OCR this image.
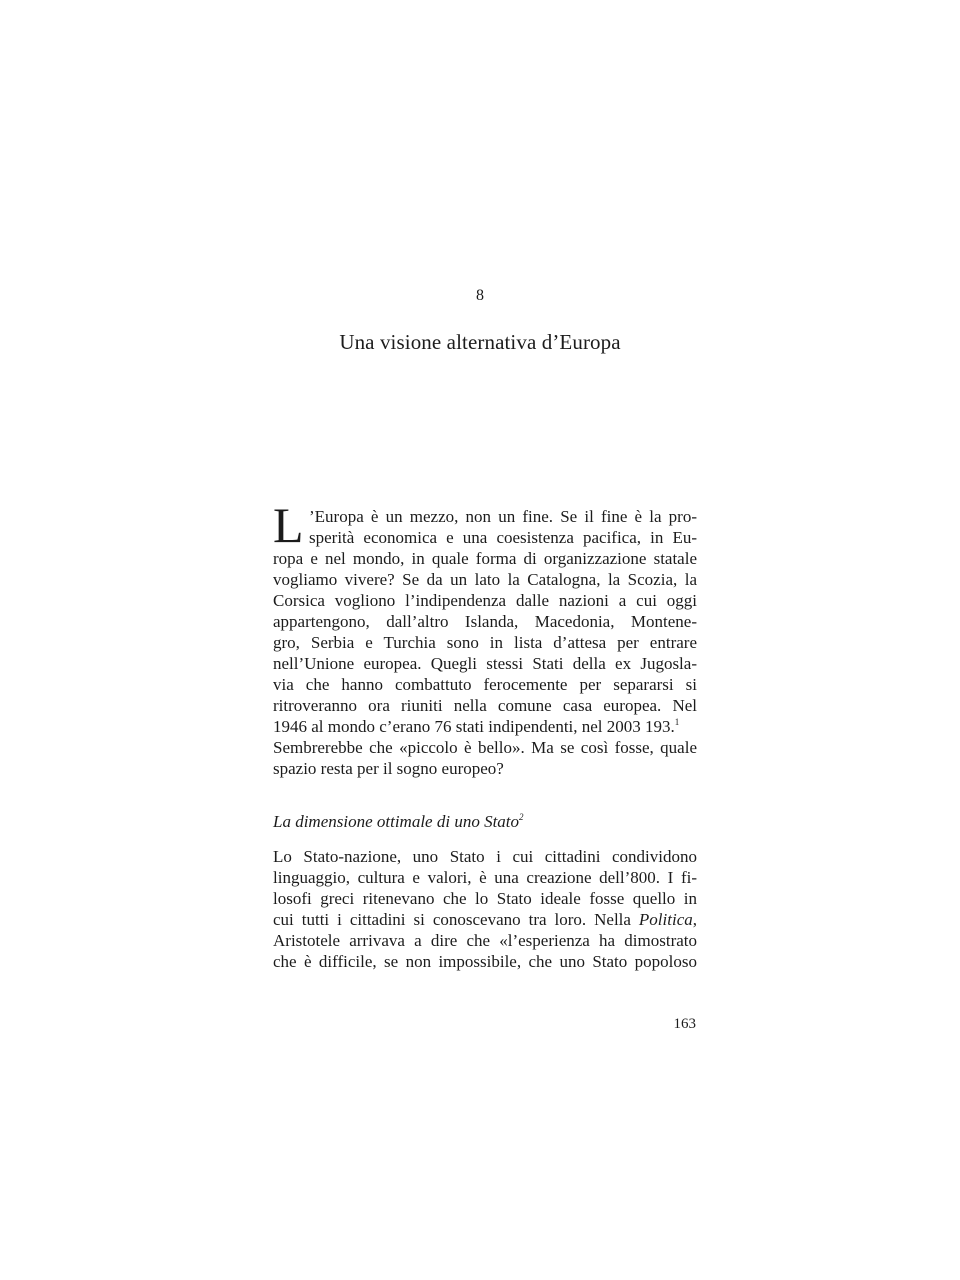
8
Una visione alternativa d’Europa
L ’Europa è un mezzo, non un fine. Se il fine è la pro-
sperità economica e una coesistenza pacifica, in Eu-
ropa e nel mondo, in quale forma di organizzazione statale
vogliamo vivere? Se da un lato la Catalogna, la Scozia, la
Corsica vogliono l’indipendenza dalle nazioni a cui oggi
appartengono, dall’altro Islanda, Macedonia, Montene-
gro, Serbia e Turchia sono in lista d’attesa per entrare
nell’Unione europea. Quegli stessi Stati della ex Jugosla-
via che hanno combattuto ferocemente per separarsi si
ritroveranno ora riuniti nella comune casa europea. Nel
1946 al mondo c’erano 76 stati indipendenti, nel 2003 193.$^1$
Sembrerebbe che «piccolo è bello». Ma se così fosse, quale
spazio resta per il sogno europeo?
La dimensione ottimale di uno Stato$^2$
Lo Stato-nazione, uno Stato i cui cittadini condividono
linguaggio, cultura e valori, è una creazione dell’800. I fi-
losofi greci ritenevano che lo Stato ideale fosse quello in
cui tutti i cittadini si conoscevano tra loro. Nella Politica,
Aristotele arrivava a dire che «l’esperienza ha dimostrato
che è difficile, se non impossibile, che uno Stato popoloso
163
